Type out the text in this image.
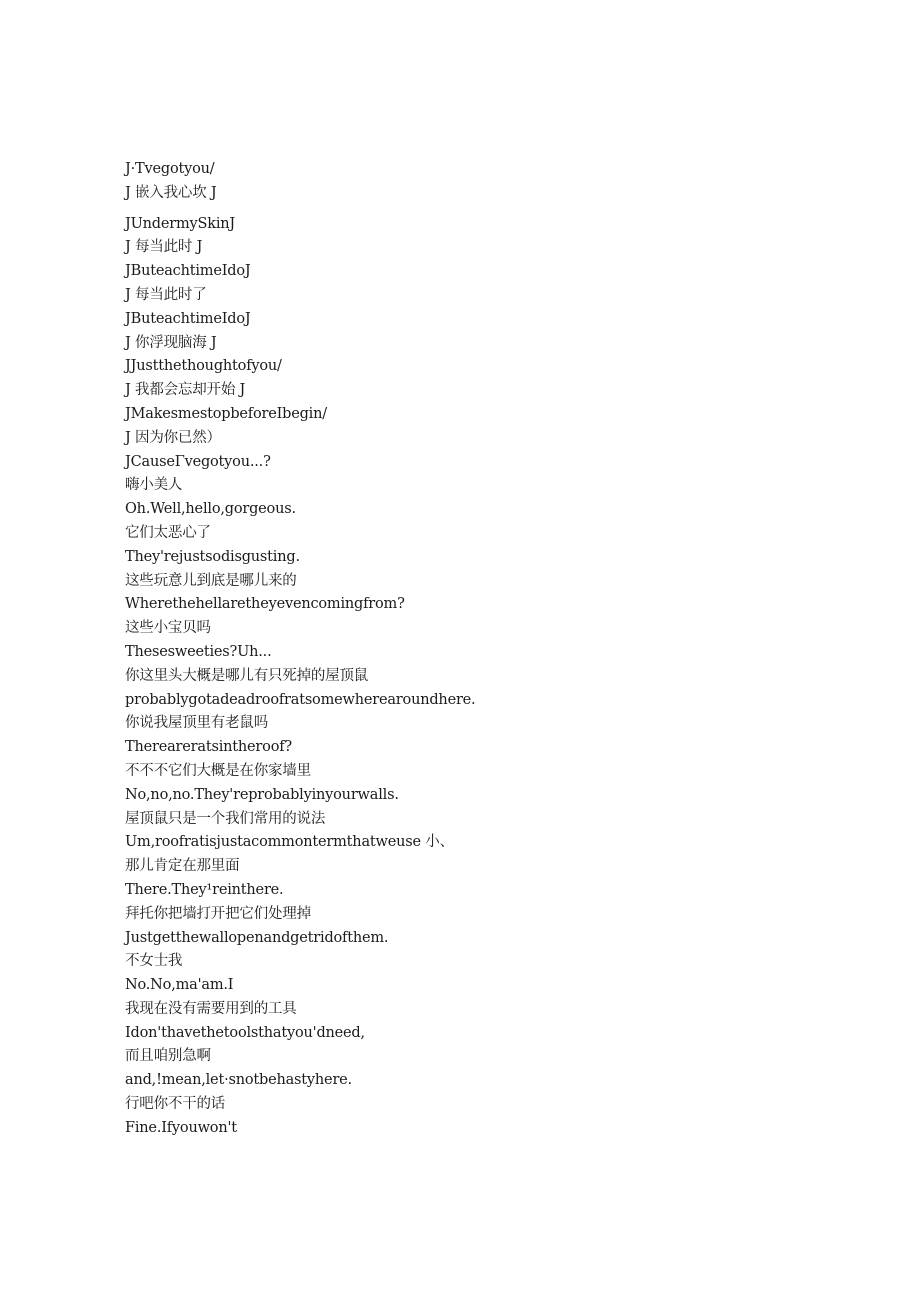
J·Tvegotyou/
J 嵌入我心坎 J
JUndermySkinJ
J 每当此时 J
JButeachtimeIdoJ
J 每当此时了
JButeachtimeIdoJ
J 你浮现脑海 J
JJustthethoughtofyou/
J 我都会忘却开始 J
JMakesmestopbeforeIbegin/
J 因为你已然）
JCauseΓvegotyou...?
嗨小美人
Oh.Well,hello,gorgeous.
它们太恶心了
They'rejustsodisgusting.
这些玩意儿到底是哪儿来的
Wherethehellaretheyevencomingfrom?
这些小宝贝吗
Thesesweeties?Uh...
你这里头大概是哪儿有只死掉的屋顶鼠
probablygotadeadroofratsomewherearoundhere.
你说我屋顶里有老鼠吗
Thereareratsintheroof?
不不不它们大概是在你家墙里
No,no,no.They'reprobablyinyourwalls.
屋顶鼠只是一个我们常用的说法
Um,roofratisjustacommontermthatweuse 小、
那儿肯定在那里面
There.They¹reinthere.
拜托你把墙打开把它们处理掉
Justgetthewallopenandgetridofthem.
不女士我
No.No,ma'am.I
我现在没有需要用到的工具
Idon'thavethetoolsthatyou'dneed,
而且咱别急啊
and,!mean,let·snotbehastyhere.
行吧你不干的话
Fine.Ifyouwon't
